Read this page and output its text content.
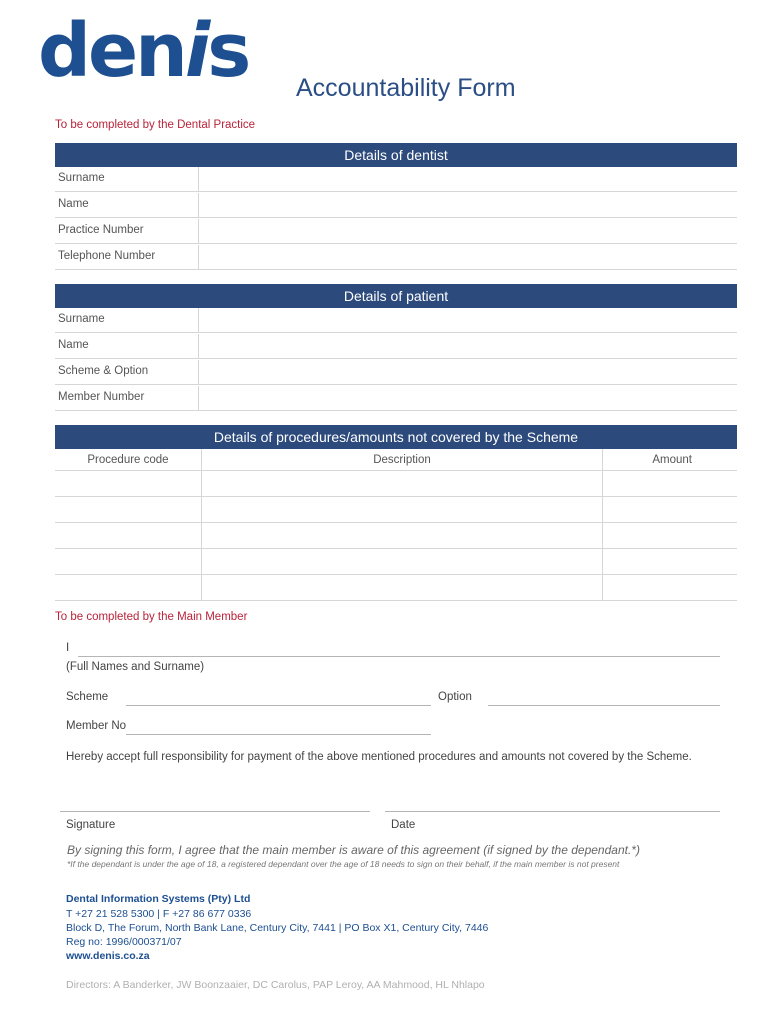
denis Accountability Form

To be completed by the Dental Practice

Details of dentist
Surname
Name
Practice Number
Telephone Number
Details of patient
Surname
Name
Scheme & Option
Member Number
Details of procedures/amounts not covered by the Scheme
Procedure code	Description	Amount

To be completed by the Main Member

I
(Full Names and Surname)
Scheme	Option
Member No
Hereby accept full responsibility for payment of the above mentioned procedures and amounts not covered by the Scheme.
Signature	Date
By signing this form, I agree that the main member is aware of this agreement (if signed by the dependant.*)
*If the dependant is under the age of 18, a registered dependant over the age of 18 needs to sign on their behalf, if the main member is not present
Dental Information Systems (Pty) Ltd
T +27 21 528 5300 | F +27 86 677 0336
Block D, The Forum, North Bank Lane, Century City, 7441 | PO Box X1, Century City, 7446
Reg no: 1996/000371/07
www.denis.co.za
Directors: A Banderker, JW Boonzaaier, DC Carolus, PAP Leroy, AA Mahmood, HL Nhlapo
